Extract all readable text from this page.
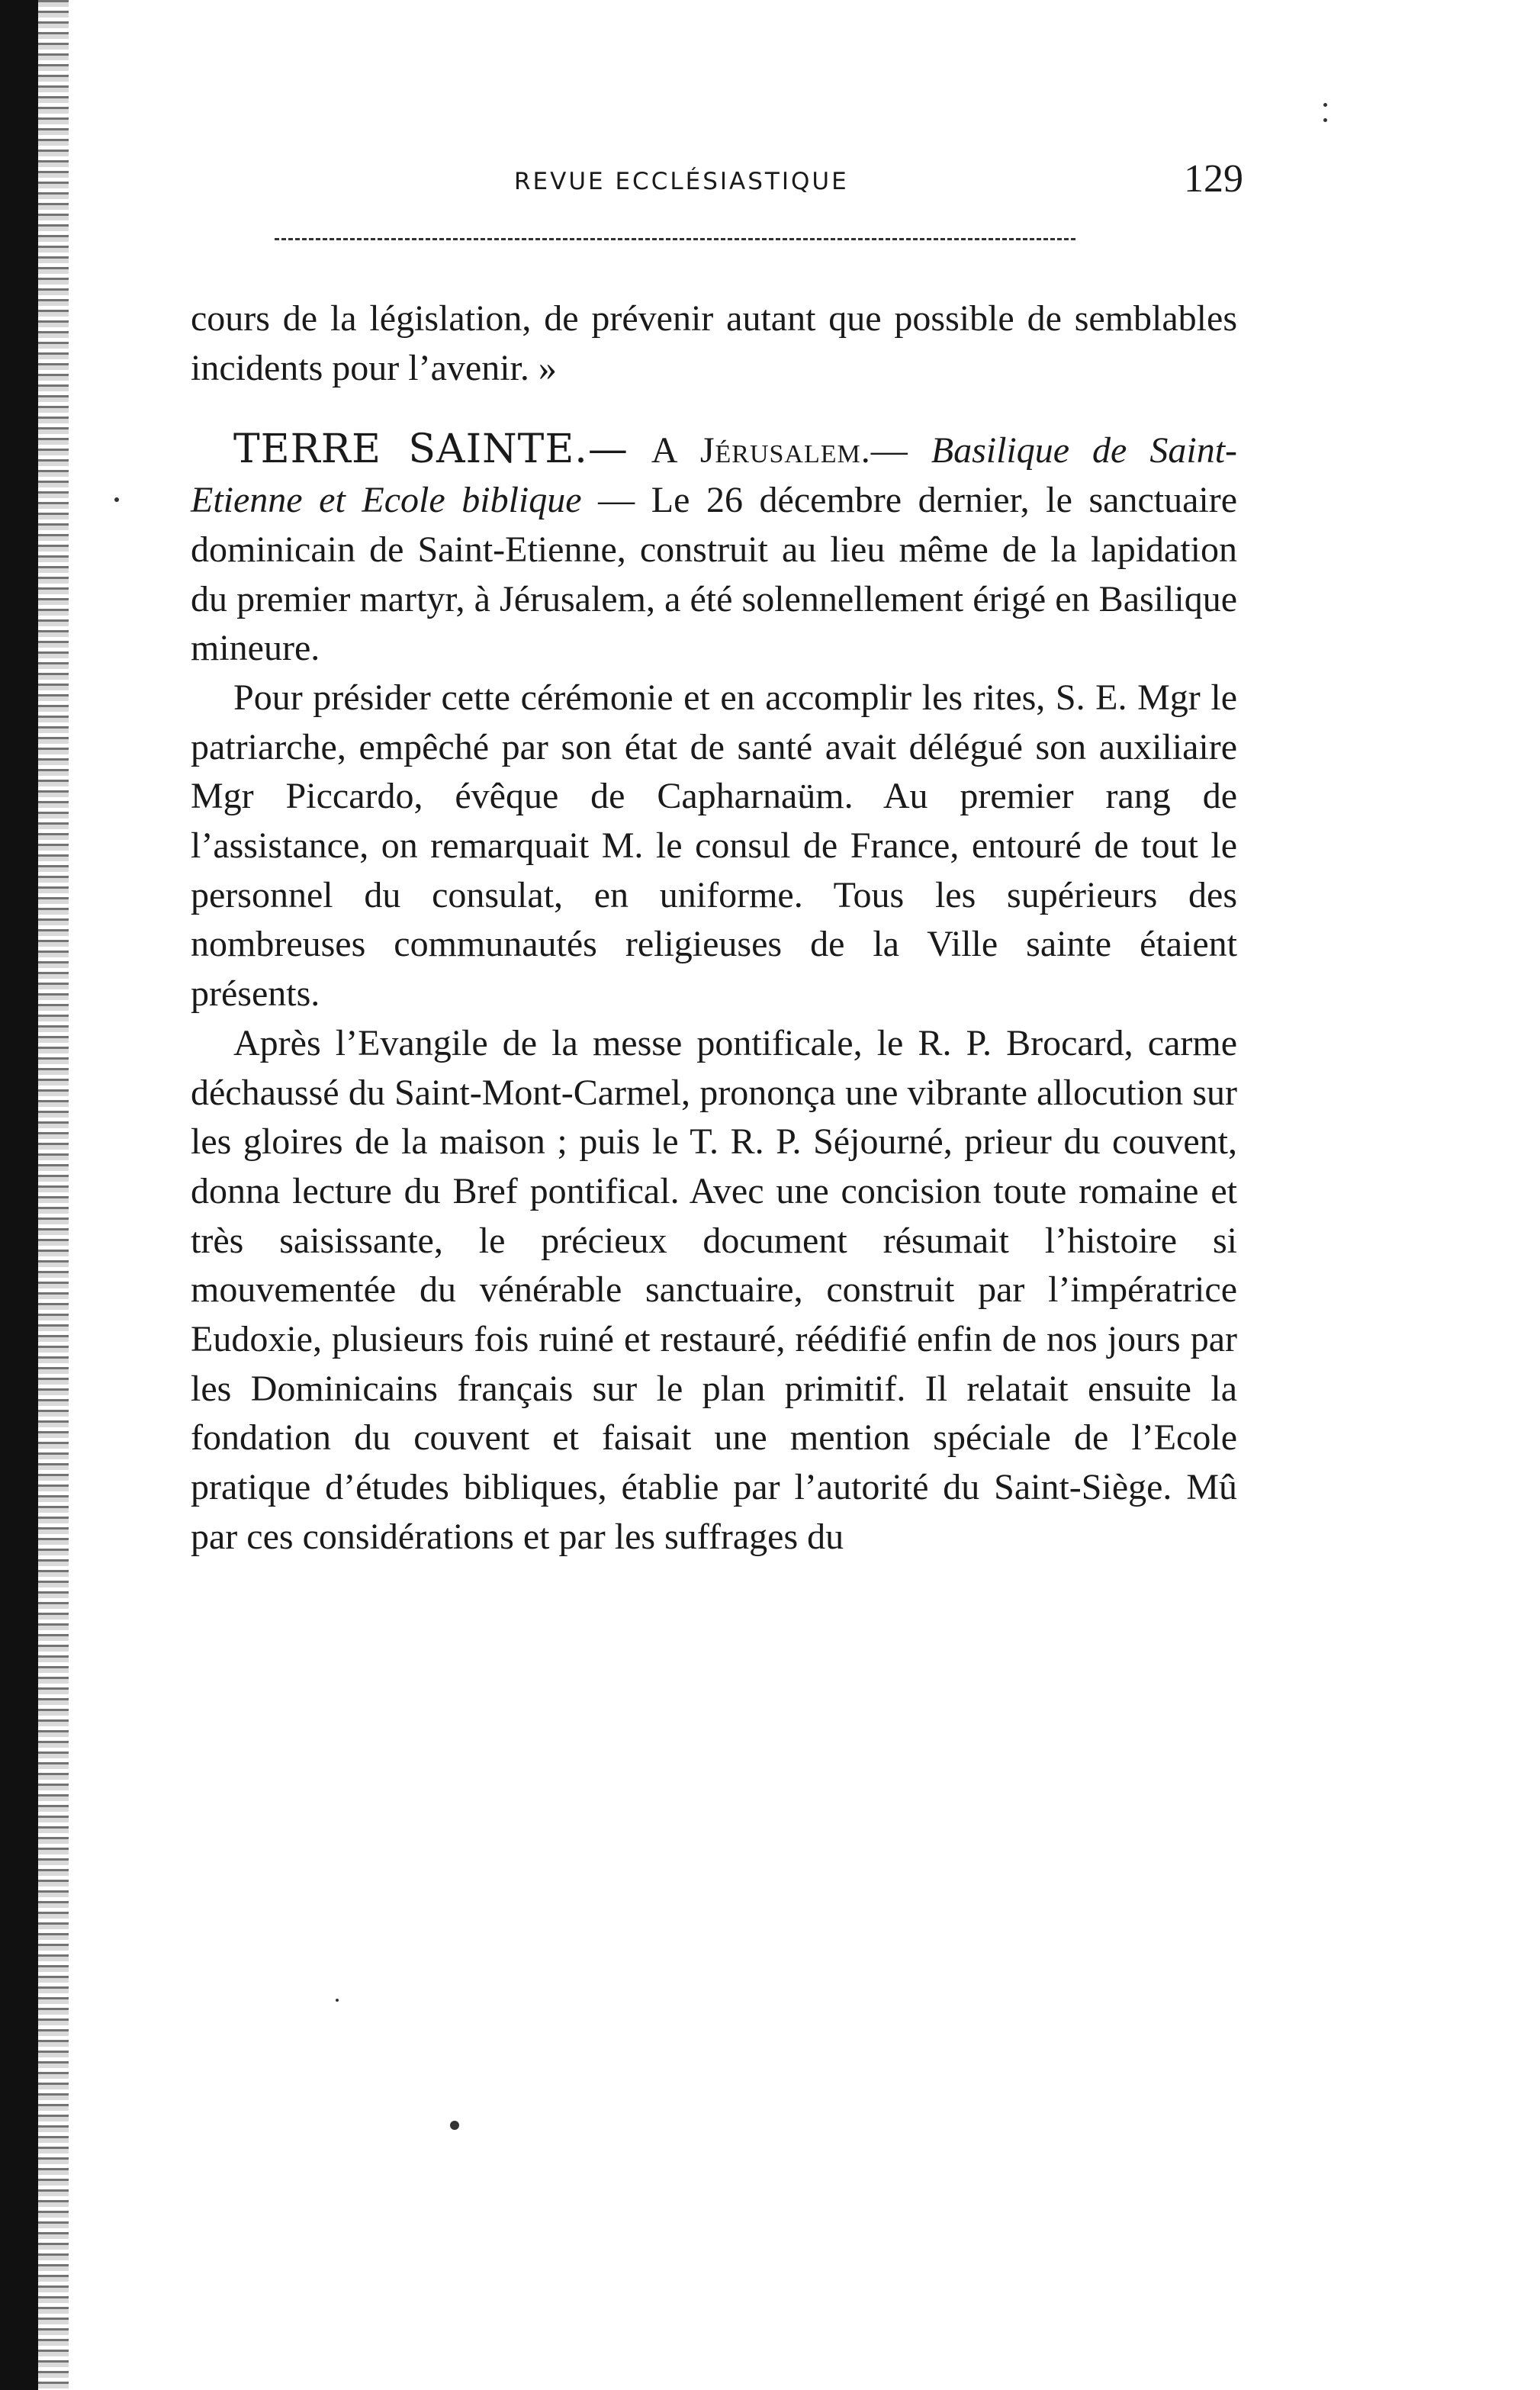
REVUE ECCLÉSIASTIQUE	129

cours de la législation, de prévenir autant que possible de semblables incidents pour l’avenir. »

TERRE SAINTE.— A Jérusalem.— Basilique de Saint-Etienne et Ecole biblique — Le 26 décembre dernier, le sanctuaire dominicain de Saint-Etienne, construit au lieu même de la lapidation du premier martyr, à Jérusalem, a été solennellement érigé en Basilique mineure.

Pour présider cette cérémonie et en accomplir les rites, S. E. Mgr le patriarche, empêché par son état de santé avait délégué son auxiliaire Mgr Piccardo, évêque de Capharnaüm. Au premier rang de l’assistance, on remarquait M. le consul de France, entouré de tout le personnel du consulat, en uniforme. Tous les supérieurs des nombreuses communautés religieuses de la Ville sainte étaient présents.

Après l’Evangile de la messe pontificale, le R. P. Brocard, carme déchaussé du Saint-Mont-Carmel, prononça une vibrante allocution sur les gloires de la maison ; puis le T. R. P. Séjourné, prieur du couvent, donna lecture du Bref pontifical. Avec une concision toute romaine et très saisissante, le précieux document résumait l’histoire si mouvementée du vénérable sanctuaire, construit par l’impératrice Eudoxie, plusieurs fois ruiné et restauré, réédifié enfin de nos jours par les Dominicains français sur le plan primitif. Il relatait ensuite la fondation du couvent et faisait une mention spéciale de l’Ecole pratique d’études bibliques, établie par l’autorité du Saint-Siège. Mû par ces considérations et par les suffrages du
